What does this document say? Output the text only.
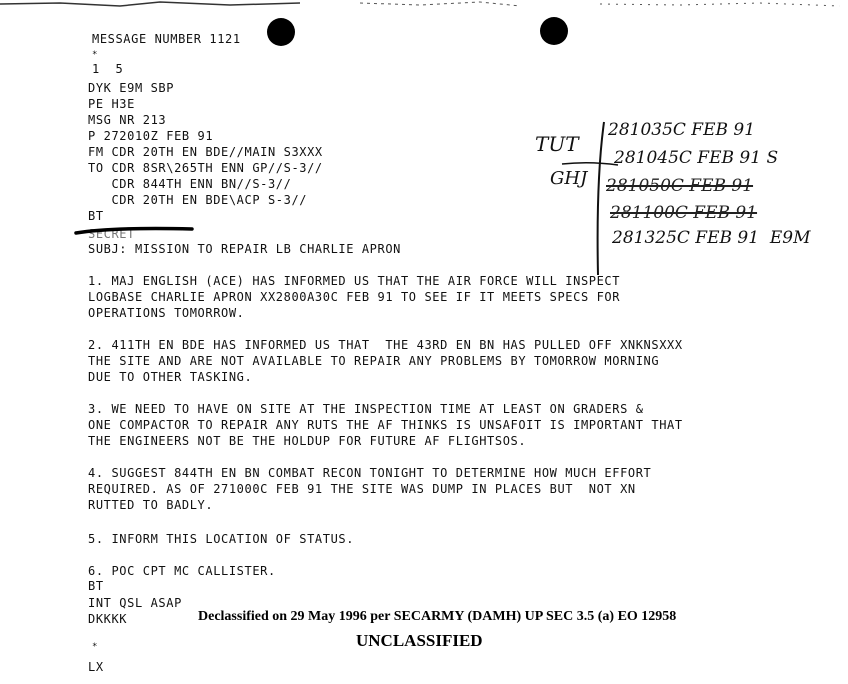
MESSAGE NUMBER 1121
*
1  5
DYK E9M SBP
PE H3E
MSG NR 213
P 272010Z FEB 91
FM CDR 20TH EN BDE//MAIN S3XXX
TO CDR 8SR\265TH ENN GP//S-3//
CDR 844TH ENN BN//S-3//
CDR 20TH EN BDE\ACP S-3//
BT
SECRET
SUBJ: MISSION TO REPAIR LB CHARLIE APRON
1. MAJ ENGLISH (ACE) HAS INFORMED US THAT THE AIR FORCE WILL INSPECT
LOGBASE CHARLIE APRON XX2800A30C FEB 91 TO SEE IF IT MEETS SPECS FOR
OPERATIONS TOMORROW.
2. 411TH EN BDE HAS INFORMED US THAT  THE 43RD EN BN HAS PULLED OFF XNKNSXXX
THE SITE AND ARE NOT AVAILABLE TO REPAIR ANY PROBLEMS BY TOMORROW MORNING
DUE TO OTHER TASKING.
3. WE NEED TO HAVE ON SITE AT THE INSPECTION TIME AT LEAST ON GRADERS &
ONE COMPACTOR TO REPAIR ANY RUTS THE AF THINKS IS UNSAFOIT IS IMPORTANT THAT
THE ENGINEERS NOT BE THE HOLDUP FOR FUTURE AF FLIGHTSOS.
4. SUGGEST 844TH EN BN COMBAT RECON TONIGHT TO DETERMINE HOW MUCH EFFORT
REQUIRED. AS OF 271000C FEB 91 THE SITE WAS DUMP IN PLACES BUT  NOT XN
RUTTED TO BADLY.
5. INFORM THIS LOCATION OF STATUS.
6. POC CPT MC CALLISTER.
BT
INT QSL ASAP
DKKKK
*
LX
TUT
GHJ
281035C FEB 91
281045C FEB 91 S
281050C FEB 91
281100C FEB 91
281325C FEB 91  E9M
Declassified on 29 May 1996 per SECARMY (DAMH) UP SEC 3.5 (a) EO 12958
UNCLASSIFIED
